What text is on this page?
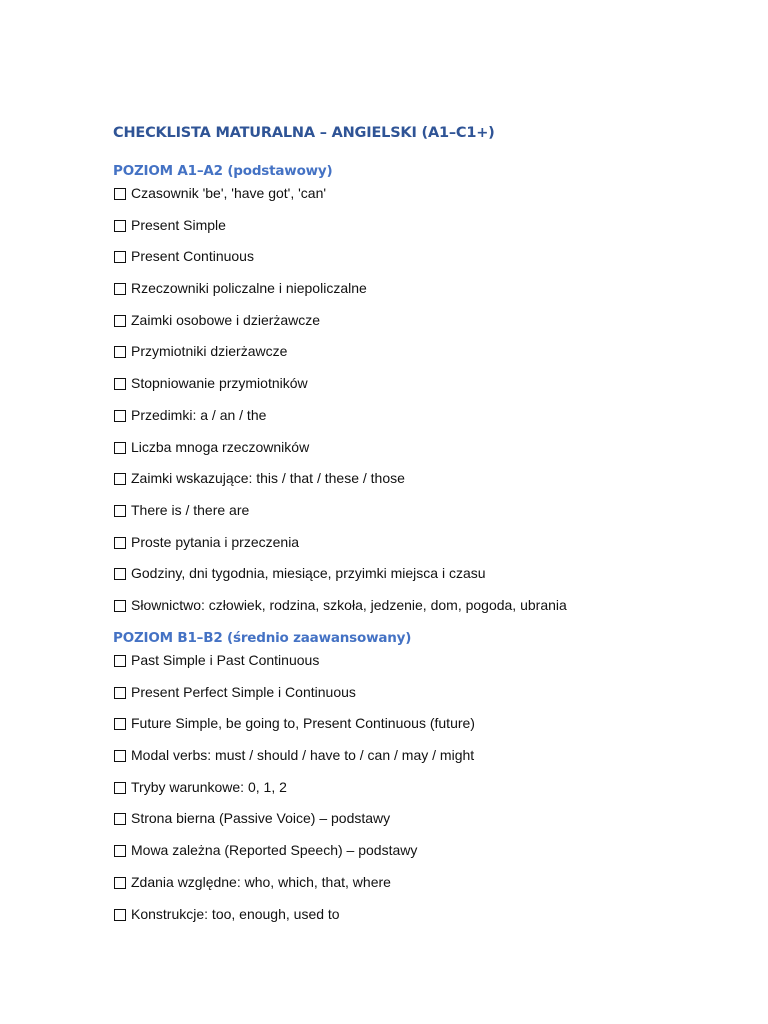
CHECKLISTA MATURALNA – ANGIELSKI (A1–C1+)
POZIOM A1–A2 (podstawowy)
Czasownik 'be', 'have got', 'can'
Present Simple
Present Continuous
Rzeczowniki policzalne i niepoliczalne
Zaimki osobowe i dzierżawcze
Przymiotniki dzierżawcze
Stopniowanie przymiotników
Przedimki: a / an / the
Liczba mnoga rzeczowników
Zaimki wskazujące: this / that / these / those
There is / there are
Proste pytania i przeczenia
Godziny, dni tygodnia, miesiące, przyimki miejsca i czasu
Słownictwo: człowiek, rodzina, szkoła, jedzenie, dom, pogoda, ubrania
POZIOM B1–B2 (średnio zaawansowany)
Past Simple i Past Continuous
Present Perfect Simple i Continuous
Future Simple, be going to, Present Continuous (future)
Modal verbs: must / should / have to / can / may / might
Tryby warunkowe: 0, 1, 2
Strona bierna (Passive Voice) – podstawy
Mowa zależna (Reported Speech) – podstawy
Zdania względne: who, which, that, where
Konstrukcje: too, enough, used to
